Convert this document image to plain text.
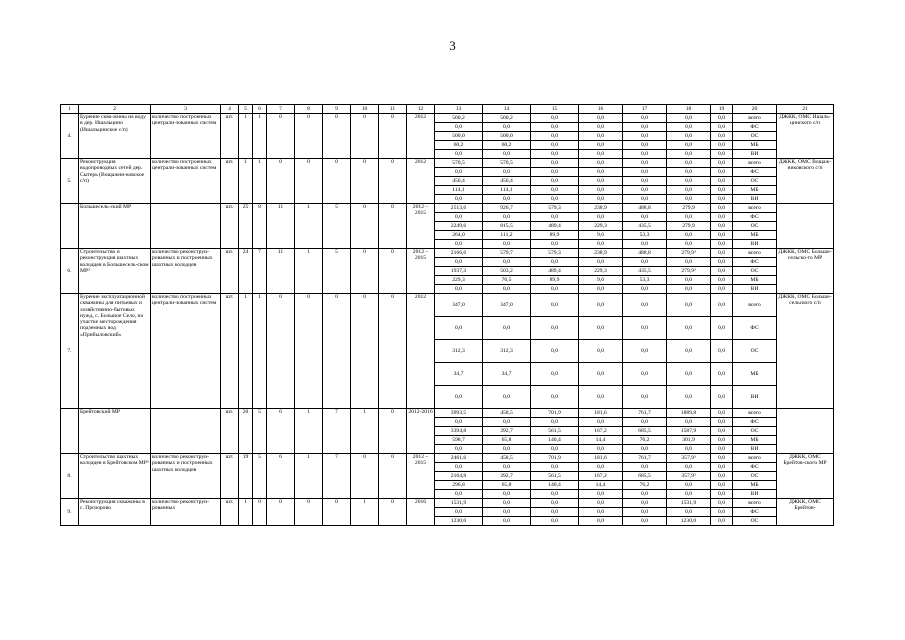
3
1	2	3	4	5	6	7	8	9	10	11	12	13	14	15	16	17	18	19	20	21
4.	Бурение сква-жины на воду в дер. Ишальцино (Ишальцинское с/п)	количество построенных централи-зованных систем	шт.	1	1	0	0	0	0	0	2012	560,2	560,2	0,0	0,0	0,0	0,0	0,0	всего	ДЖКК, ОМС Ишаль-цинского с/п
												0,0	0,0	0,0	0,0	0,0	0,0	0,0	ФС	
												500,0	500,0	0,0	0,0	0,0	0,0	0,0	ОС	
												60,2	60,2	0,0	0,0	0,0	0,0	0,0	МБ	
												0,0	0,0	0,0	0,0	0,0	0,0	0,0	ВИ	
5.	Реконструкция водопроводных сетей дер. Сытерь (Вощажни-ковское с/п)	количество построенных централи-зованных систем	шт.	1	1	0	0	0	0	0	2012	570,5	570,5	0,0	0,0	0,0	0,0	0,0	всего	ДЖКК, ОМС Вощаж-никовского с/п
												0,0	0,0	0,0	0,0	0,0	0,0	0,0	ФС	
												456,4	456,4	0,0	0,0	0,0	0,0	0,0	ОС	
												114,1	114,1	0,0	0,0	0,0	0,0	0,0	МБ	
												0,0	0,0	0,0	0,0	0,0	0,0	0,0	ВИ	
	Большесель-ский МР		шт.	25	8	11	1	5	0	0	2012 – 2015	2513,6	926,7	579,3	238,9	488,8	279,9	0,0	всего	
												0,0	0,0	0,0	0,0	0,0	0,0	0,0	ФС	
												2249,6	815,5	489,4	229,3	435,5	279,9	0,0	ОС	
												264,0	111,2	89,9	9,6	53,3	0,0	0,0	МБ	
												0,0	0,0	0,0	0,0	0,0	0,0	0,0	ВИ	
6.	Строительство и реконструкция шахтных колодцев в Большесель-ском МР³	количество реконструи-рованных и построенных шахтных колодцев	шт.	24	7	11	1	5	0	0	2012 – 2015	2166,6	579,7	579,3	238,9	488,8	279,9³	0,0	всего	ДЖКК, ОМС Больше-сельско-го МР
												0,0	0,0	0,0	0,0	0,0	0,0	0,0	ФС	
												1937,3	503,2	489,4	229,3	435,5	279,9³	0,0	ОС	
												229,3	76,5	89,9	9,6	53,3	0,0	0,0	МБ	
												0,0	0,0	0,0	0,0	0,0	0,0	0,0	ВИ	
7.	Бурение эксплуатационной скважины для питьевых и хозяйственно-бытовых нужд, с. Большое Село, на участке месторождения подземных вод «Прибыловский»	количество построенных централи-зованных систем	шт.	1	1	0	0	0	0	0	2012	347,0	347,0	0,0	0,0	0,0	0,0	0,0	всего	ДЖКК, ОМС Больше-сельского с/п
												0,0	0,0	0,0	0,0	0,0	0,0	0,0	ФС	
												312,3	312,3	0,0	0,0	0,0	0,0	0,0	ОС	
												34,7	34,7	0,0	0,0	0,0	0,0	0,0	МБ	
												0,0	0,0	0,0	0,0	0,0	0,0	0,0	ВИ	
	Брейтовский МР		шт.	20	5	6	1	7	1	0	2012-2016	3993,5	458,5	701,9	181,6	761,7	1889,8	0,0	всего	
												0,0	0,0	0,0	0,0	0,0	0,0	0,0	ФС	
												3394,8	392,7	561,5	167,2	685,5	1587,9	0,0	ОС	
												598,7	65,8	140,4	14,4	76,2	301,9	0,0	МБ	
												0,0	0,0	0,0	0,0	0,0	0,0	0,0	ВИ	
8.	Строительство шахтных колодцев в Брейтовском МР³	количество реконструи-рованных и построенных шахтных колодцев	шт.	19	5	6	1	7	0	0	2012 – 2015	2461,6	458,5	701,9	181,6	761,7	357,9³	0,0	всего	ДЖКК, ОМС Брейтов-ского МР
												0,0	0,0	0,0	0,0	0,0	0,0	0,0	ФС	
												2164,8	392,7	561,5	167,2	685,5	357,9³	0,0	ОС	
												296,8	65,8	140,4	14,4	76,2	0,0	0,0	МБ	
												0,0	0,0	0,0	0,0	0,0	0,0	0,0	ВИ	
9.	Реконструкция скважины в с. Прозорово	количество реконструи-рованных	шт.	1	0	0	0	0	1	0	2016	1531,9	0,0	0,0	0,0	0,0	1531,9	0,0	всего	ДЖКК, ОМС Брейтов-
												0,0	0,0	0,0	0,0	0,0	0,0	0,0	ФС	
												1230,0	0,0	0,0	0,0	0,0	1230,0	0,0	ОС	
